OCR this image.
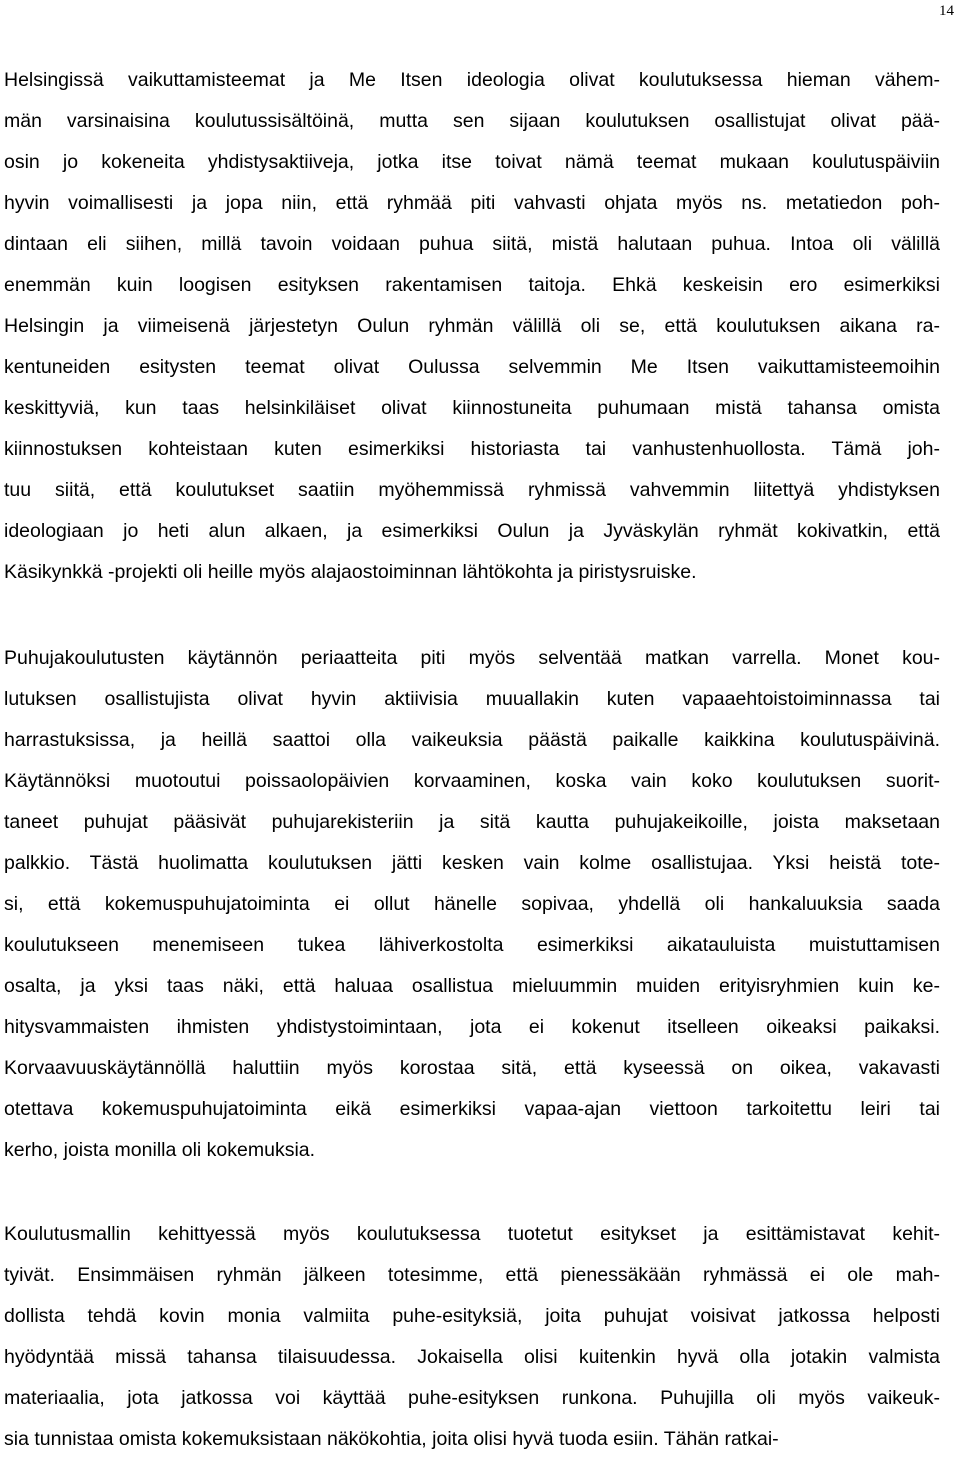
14
Helsingissä vaikuttamisteemat ja Me Itsen ideologia olivat koulutuksessa hieman vähem-
män varsinaisina koulutussisältöinä, mutta sen sijaan koulutuksen osallistujat olivat pää-
osin jo kokeneita yhdistysaktiiveja, jotka itse toivat nämä teemat mukaan koulutuspäiviin
hyvin voimallisesti ja jopa niin, että ryhmää piti vahvasti ohjata myös ns. metatiedon poh-
dintaan eli siihen, millä tavoin voidaan puhua siitä, mistä halutaan puhua. Intoa oli välillä
enemmän kuin loogisen esityksen rakentamisen taitoja. Ehkä keskeisin ero esimerkiksi
Helsingin ja viimeisenä järjestetyn Oulun ryhmän välillä oli se, että koulutuksen aikana ra-
kentuneiden esitysten teemat olivat Oulussa selvemmin Me Itsen vaikuttamisteemoihin
keskittyviä, kun taas helsinkiläiset olivat kiinnostuneita puhumaan mistä tahansa omista
kiinnostuksen kohteistaan kuten esimerkiksi historiasta tai vanhustenhuollosta. Tämä joh-
tuu siitä, että koulutukset saatiin myöhemmissä ryhmissä vahvemmin liitettyä yhdistyksen
ideologiaan jo heti alun alkaen, ja esimerkiksi Oulun ja Jyväskylän ryhmät kokivatkin, että
Käsikynkkä -projekti oli heille myös alajaostoiminnan lähtökohta ja piristysruiske.
Puhujakoulutusten käytännön periaatteita piti myös selventää matkan varrella. Monet kou-
lutuksen osallistujista olivat hyvin aktiivisia muuallakin kuten vapaaehtoistoiminnassa tai
harrastuksissa, ja heillä saattoi olla vaikeuksia päästä paikalle kaikkina koulutuspäivinä.
Käytännöksi muotoutui poissaolopäivien korvaaminen, koska vain koko koulutuksen suorit-
taneet puhujat pääsivät puhujarekisteriin ja sitä kautta puhujakeikoille, joista maksetaan
palkkio. Tästä huolimatta koulutuksen jätti kesken vain kolme osallistujaa. Yksi heistä tote-
si, että kokemuspuhujatoiminta ei ollut hänelle sopivaa, yhdellä oli hankaluuksia saada
koulutukseen menemiseen tukea lähiverkostolta esimerkiksi aikatauluista muistuttamisen
osalta, ja yksi taas näki, että haluaa osallistua mieluummin muiden erityisryhmien kuin ke-
hitysvammaisten ihmisten yhdistystoimintaan, jota ei kokenut itselleen oikeaksi paikaksi.
Korvaavuuskäytännöllä haluttiin myös korostaa sitä, että kyseessä on oikea, vakavasti
otettava kokemuspuhujatoiminta eikä esimerkiksi vapaa-ajan viettoon tarkoitettu leiri tai
kerho, joista monilla oli kokemuksia.
Koulutusmallin kehittyessä myös koulutuksessa tuotetut esitykset ja esittämistavat kehit-
tyivät. Ensimmäisen ryhmän jälkeen totesimme, että pienessäkään ryhmässä ei ole mah-
dollista tehdä kovin monia valmiita puhe-esityksiä, joita puhujat voisivat jatkossa helposti
hyödyntää missä tahansa tilaisuudessa. Jokaisella olisi kuitenkin hyvä olla jotakin valmista
materiaalia, jota jatkossa voi käyttää puhe-esityksen runkona. Puhujilla oli myös vaikeuk-
sia tunnistaa omista kokemuksistaan näkökohtia, joita olisi hyvä tuoda esiin. Tähän ratkai-
